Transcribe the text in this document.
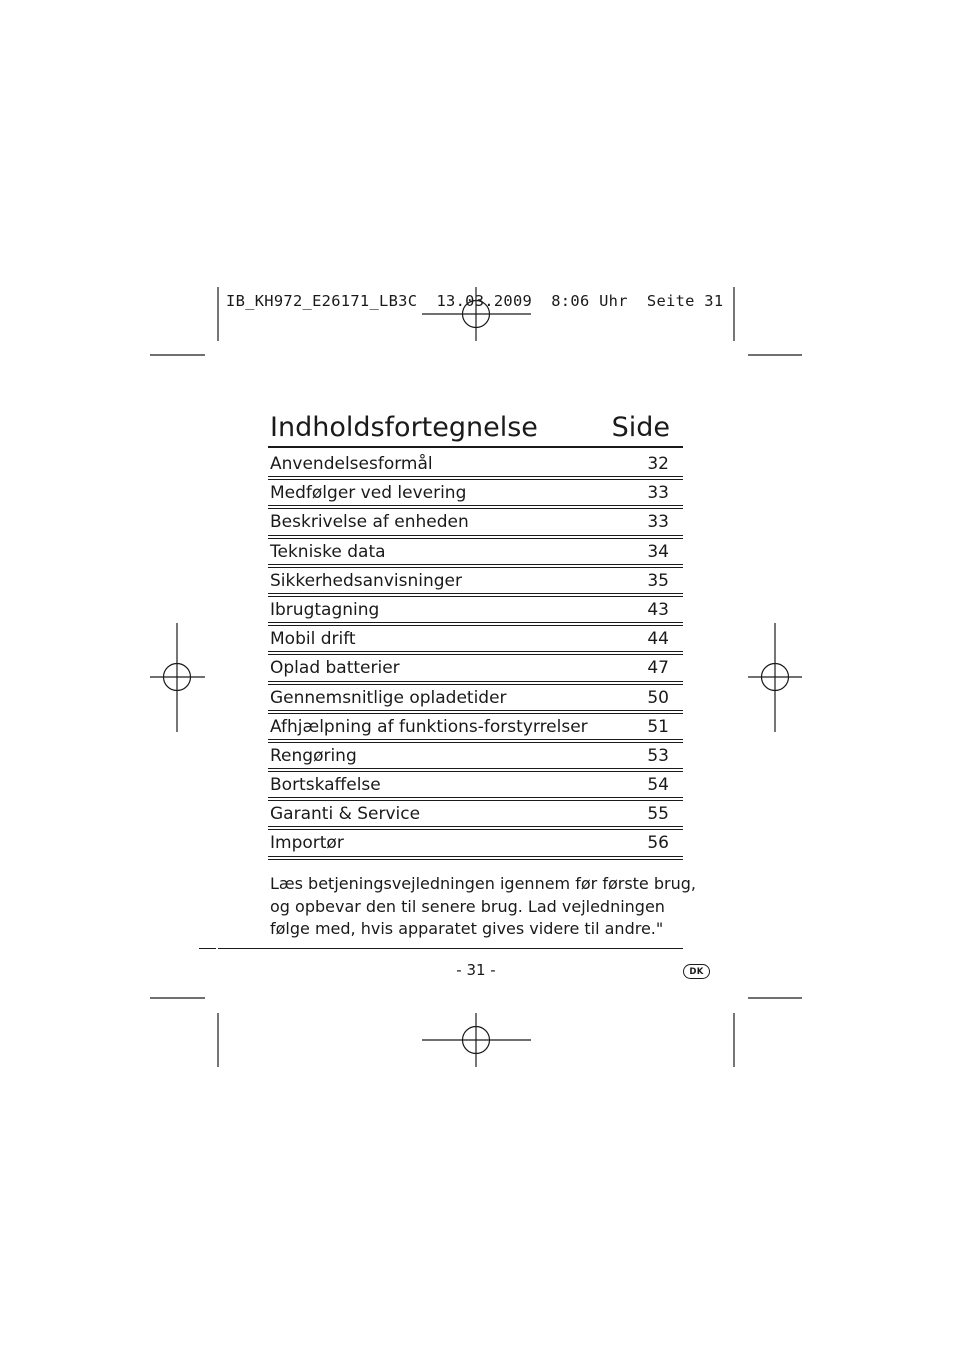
IB_KH972_E26171_LB3C  13.03.2009  8:06 Uhr  Seite 31
Indholdsfortegnelse	Side
Anvendelsesformål	32
Medfølger ved levering	33
Beskrivelse af enheden	33
Tekniske data	34
Sikkerhedsanvisninger	35
Ibrugtagning	43
Mobil drift	44
Oplad batterier	47
Gennemsnitlige opladetider	50
Afhjælpning af funktions-forstyrrelser	51
Rengøring	53
Bortskaffelse	54
Garanti & Service	55
Importør	56
Læs betjeningsvejledningen igennem før første brug,
og opbevar den til senere brug. Lad vejledningen
følge med, hvis apparatet gives videre til andre."
- 31 -	DK
